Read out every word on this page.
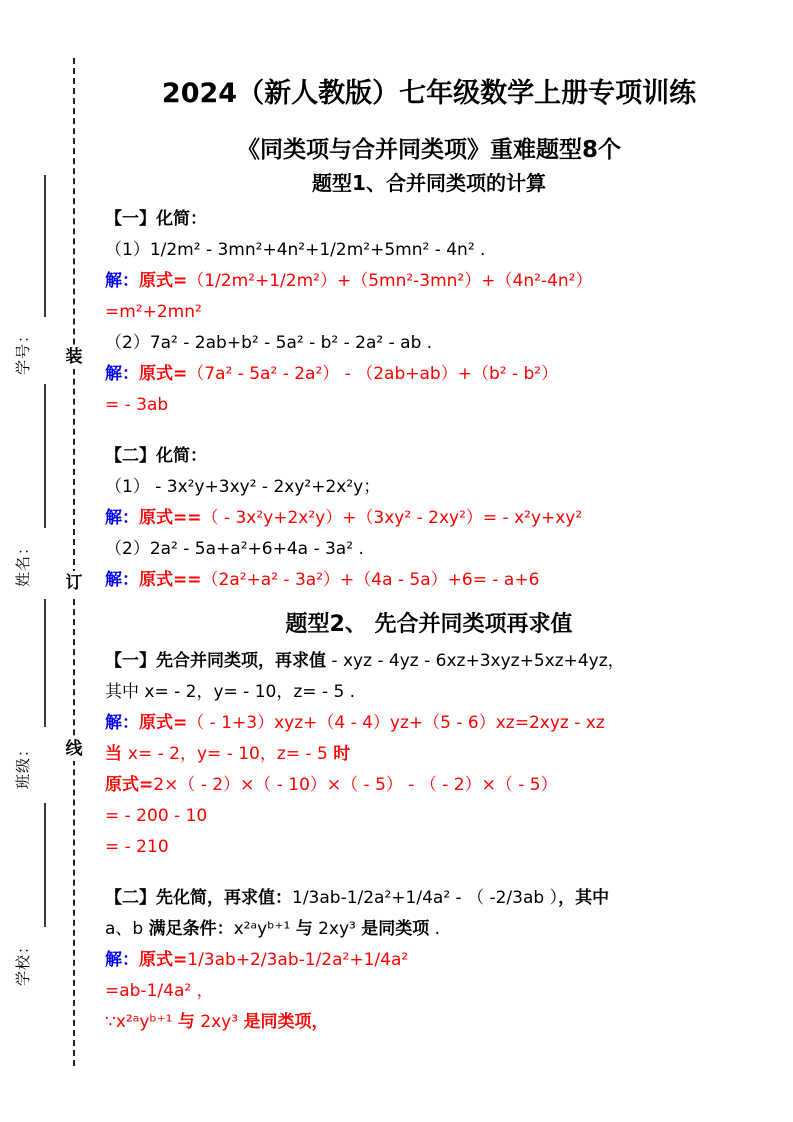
装
订
线
学号：
姓名：
班级：
学校：
2024（新人教版）七年级数学上册专项训练
《同类项与合并同类项》重难题型8个
题型1、合并同类项的计算
【一】化简：
（1）1/2m² - 3mn²+4n²+1/2m²+5mn² - 4n² .
解：原式=（1/2m²+1/2m²）+（5mn²-3mn²）+（4n²-4n²）
=m²+2mn²
（2）7a² - 2ab+b² - 5a² - b² - 2a² - ab .
解：原式=（7a² - 5a² - 2a²） - （2ab+ab）+（b² - b²）
= - 3ab
【二】化简：
（1） - 3x²y+3xy² - 2xy²+2x²y；
解：原式==（ - 3x²y+2x²y）+（3xy² - 2xy²）= - x²y+xy²
（2）2a² - 5a+a²+6+4a - 3a² .
解：原式==（2a²+a² - 3a²）+（4a - 5a）+6= - a+6
题型2、 先合并同类项再求值
【一】先合并同类项，再求值 - xyz - 4yz - 6xz+3xyz+5xz+4yz，
其中 x= - 2，y= - 10，z= - 5 .
解：原式=（ - 1+3）xyz+（4 - 4）yz+（5 - 6）xz=2xyz - xz
当 x= - 2，y= - 10，z= - 5 时
原式=2×（ - 2）×（ - 10）×（ - 5） - （ - 2）×（ - 5）
= - 200 - 10
= - 210
【二】先化简，再求值：1/3ab-1/2a²+1/4a² - （ -2/3ab ），其中
a、b 满足条件：x²ᵃyᵇ⁺¹ 与 2xy³ 是同类项 .
解：原式=1/3ab+2/3ab-1/2a²+1/4a²
=ab-1/4a² ，
∵x²ᵃyᵇ⁺¹ 与 2xy³ 是同类项，
